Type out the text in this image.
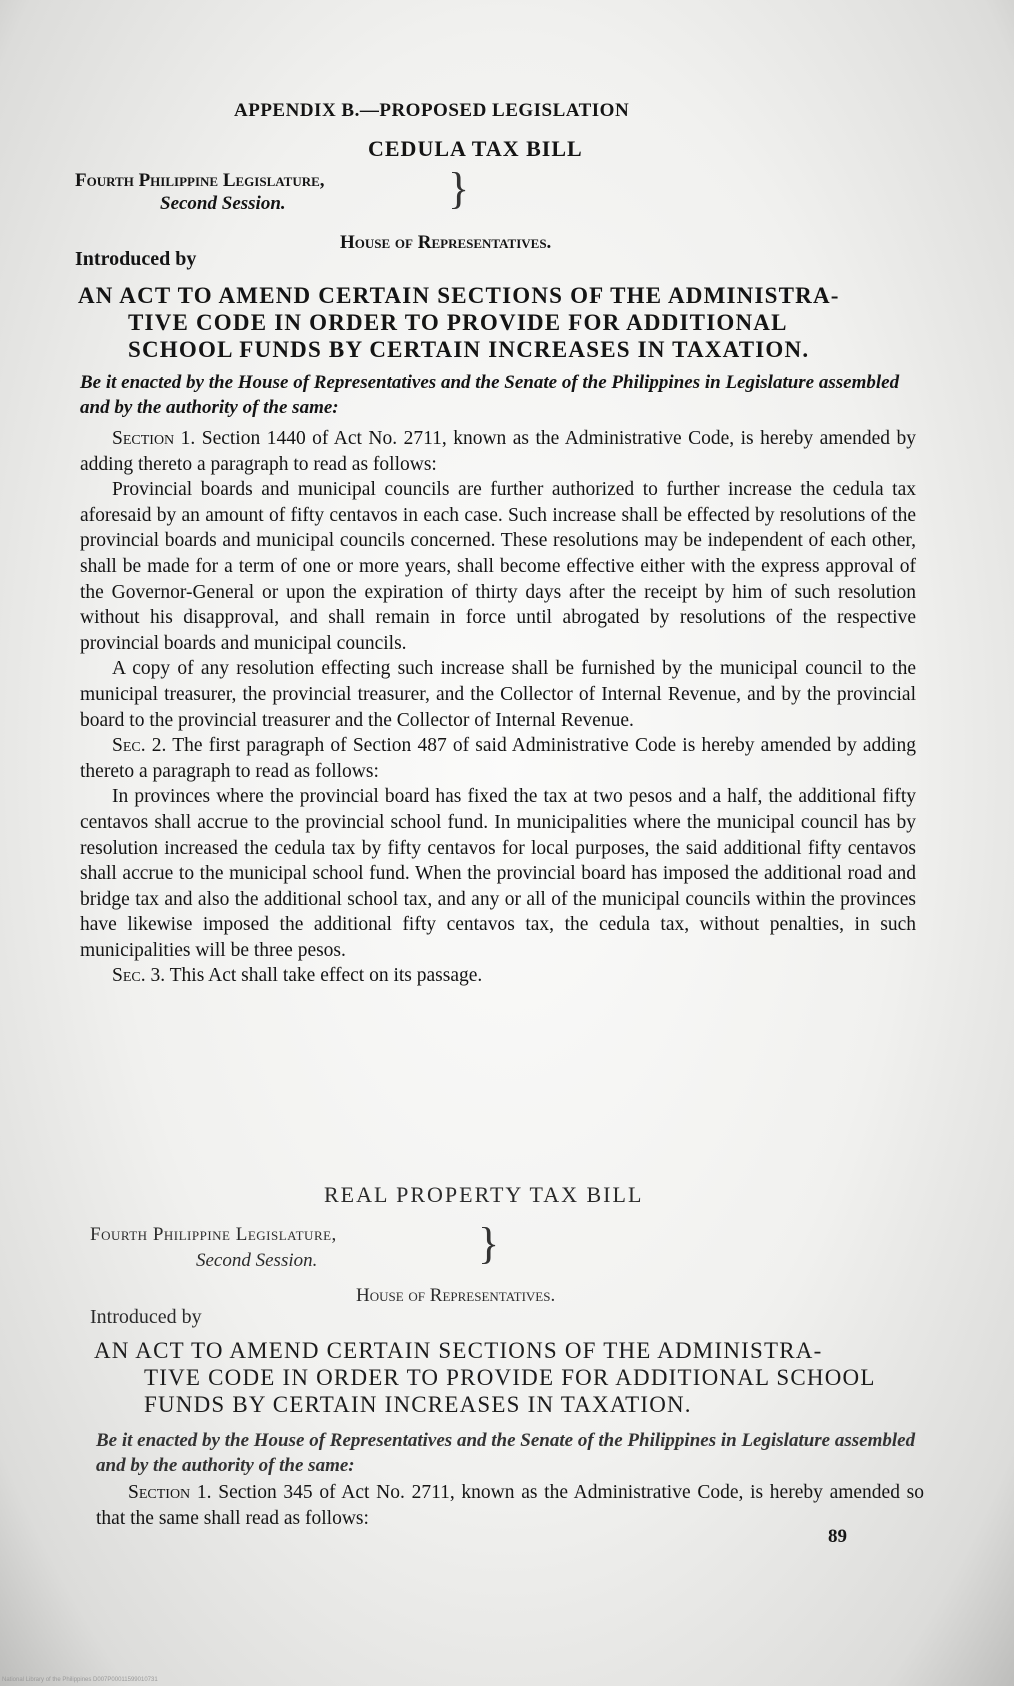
APPENDIX B.—PROPOSED LEGISLATION
CEDULA TAX BILL
Fourth Philippine Legislature,
Second Session.	}
House of Representatives.
Introduced by
AN ACT TO AMEND CERTAIN SECTIONS OF THE ADMINISTRA-
TIVE CODE IN ORDER TO PROVIDE FOR ADDITIONAL
SCHOOL FUNDS BY CERTAIN INCREASES IN TAXATION.
Be it enacted by the House of Representatives and the Senate of the Philippines in Legislature assembled and by the authority of the same:

Section 1. Section 1440 of Act No. 2711, known as the Administrative Code, is hereby amended by adding thereto a paragraph to read as follows:

Provincial boards and municipal councils are further authorized to further increase the cedula tax aforesaid by an amount of fifty centavos in each case. Such increase shall be effected by resolutions of the provincial boards and municipal councils concerned. These resolutions may be independent of each other, shall be made for a term of one or more years, shall become effective either with the express approval of the Governor-General or upon the expiration of thirty days after the receipt by him of such resolution without his disapproval, and shall remain in force until abrogated by resolutions of the respective provincial boards and municipal councils.

A copy of any resolution effecting such increase shall be furnished by the municipal council to the municipal treasurer, the provincial treasurer, and the Collector of Internal Revenue, and by the provincial board to the provincial treasurer and the Collector of Internal Revenue.

Sec. 2. The first paragraph of Section 487 of said Administrative Code is hereby amended by adding thereto a paragraph to read as follows:

In provinces where the provincial board has fixed the tax at two pesos and a half, the additional fifty centavos shall accrue to the provincial school fund. In municipalities where the municipal council has by resolution increased the cedula tax by fifty centavos for local purposes, the said additional fifty centavos shall accrue to the municipal school fund. When the provincial board has imposed the additional road and bridge tax and also the additional school tax, and any or all of the municipal councils within the provinces have likewise imposed the additional fifty centavos tax, the cedula tax, without penalties, in such municipalities will be three pesos.

Sec. 3. This Act shall take effect on its passage.

REAL PROPERTY TAX BILL
Fourth Philippine Legislature,
Second Session.	}
House of Representatives.
Introduced by
AN ACT TO AMEND CERTAIN SECTIONS OF THE ADMINISTRA-
TIVE CODE IN ORDER TO PROVIDE FOR ADDITIONAL SCHOOL
FUNDS BY CERTAIN INCREASES IN TAXATION.
Be it enacted by the House of Representatives and the Senate of the Philippines in Legislature assembled and by the authority of the same:

Section 1. Section 345 of Act No. 2711, known as the Administrative Code, is hereby amended so that the same shall read as follows:

89
National Library of the Philippines D007P00011599010731
